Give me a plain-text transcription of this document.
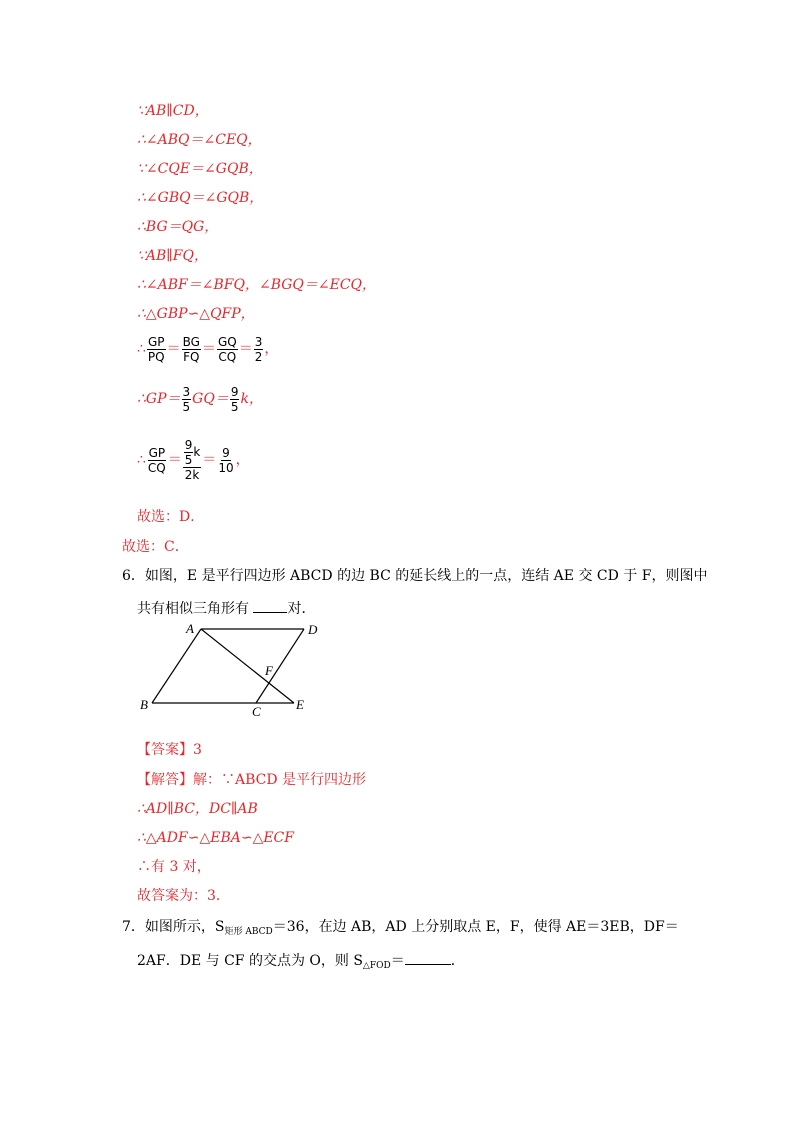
∵AB∥CD，
∴∠ABQ＝∠CEQ，
∵∠CQE＝∠GQB，
∴∠GBQ＝∠GQB，
∴BG＝QG，
∵AB∥FQ，
∴∠ABF＝∠BFQ，∠BGQ＝∠ECQ，
∴△GBP∽△QFP，
∴ $\frac{GP}{PQ} = \frac{BG}{FQ} = \frac{GQ}{CQ} = \frac{3}{2}$ ，
∴GP＝ $\frac{3}{5} GQ= \frac{9}{5}$ k，
∴ $\frac{GP}{CQ} = \frac{\frac{9}{5} k}{2k} = \frac{9}{10}$ ，
故选：D．
故选：C．
6．如图，E 是平行四边形 ABCD 的边 BC 的延长线上的一点，连结 AE 交 CD 于 F，则图中
共有相似三角形有	对．
A	D
B	C	E
F
【答案】3
【解答】解：∵ABCD 是平行四边形
∴AD∥BC，DC∥AB
∴△ADF∽△EBA∽△ECF
∴有 3 对，
故答案为：3．
7．如图所示，$S_{矩形 ABCD}=36$，在边 AB，AD 上分别取点 E，F，使得 AE＝3EB，DF＝
2AF．DE 与 CF 的交点为 O，则 $S_{\triangle FOD}=$	．
